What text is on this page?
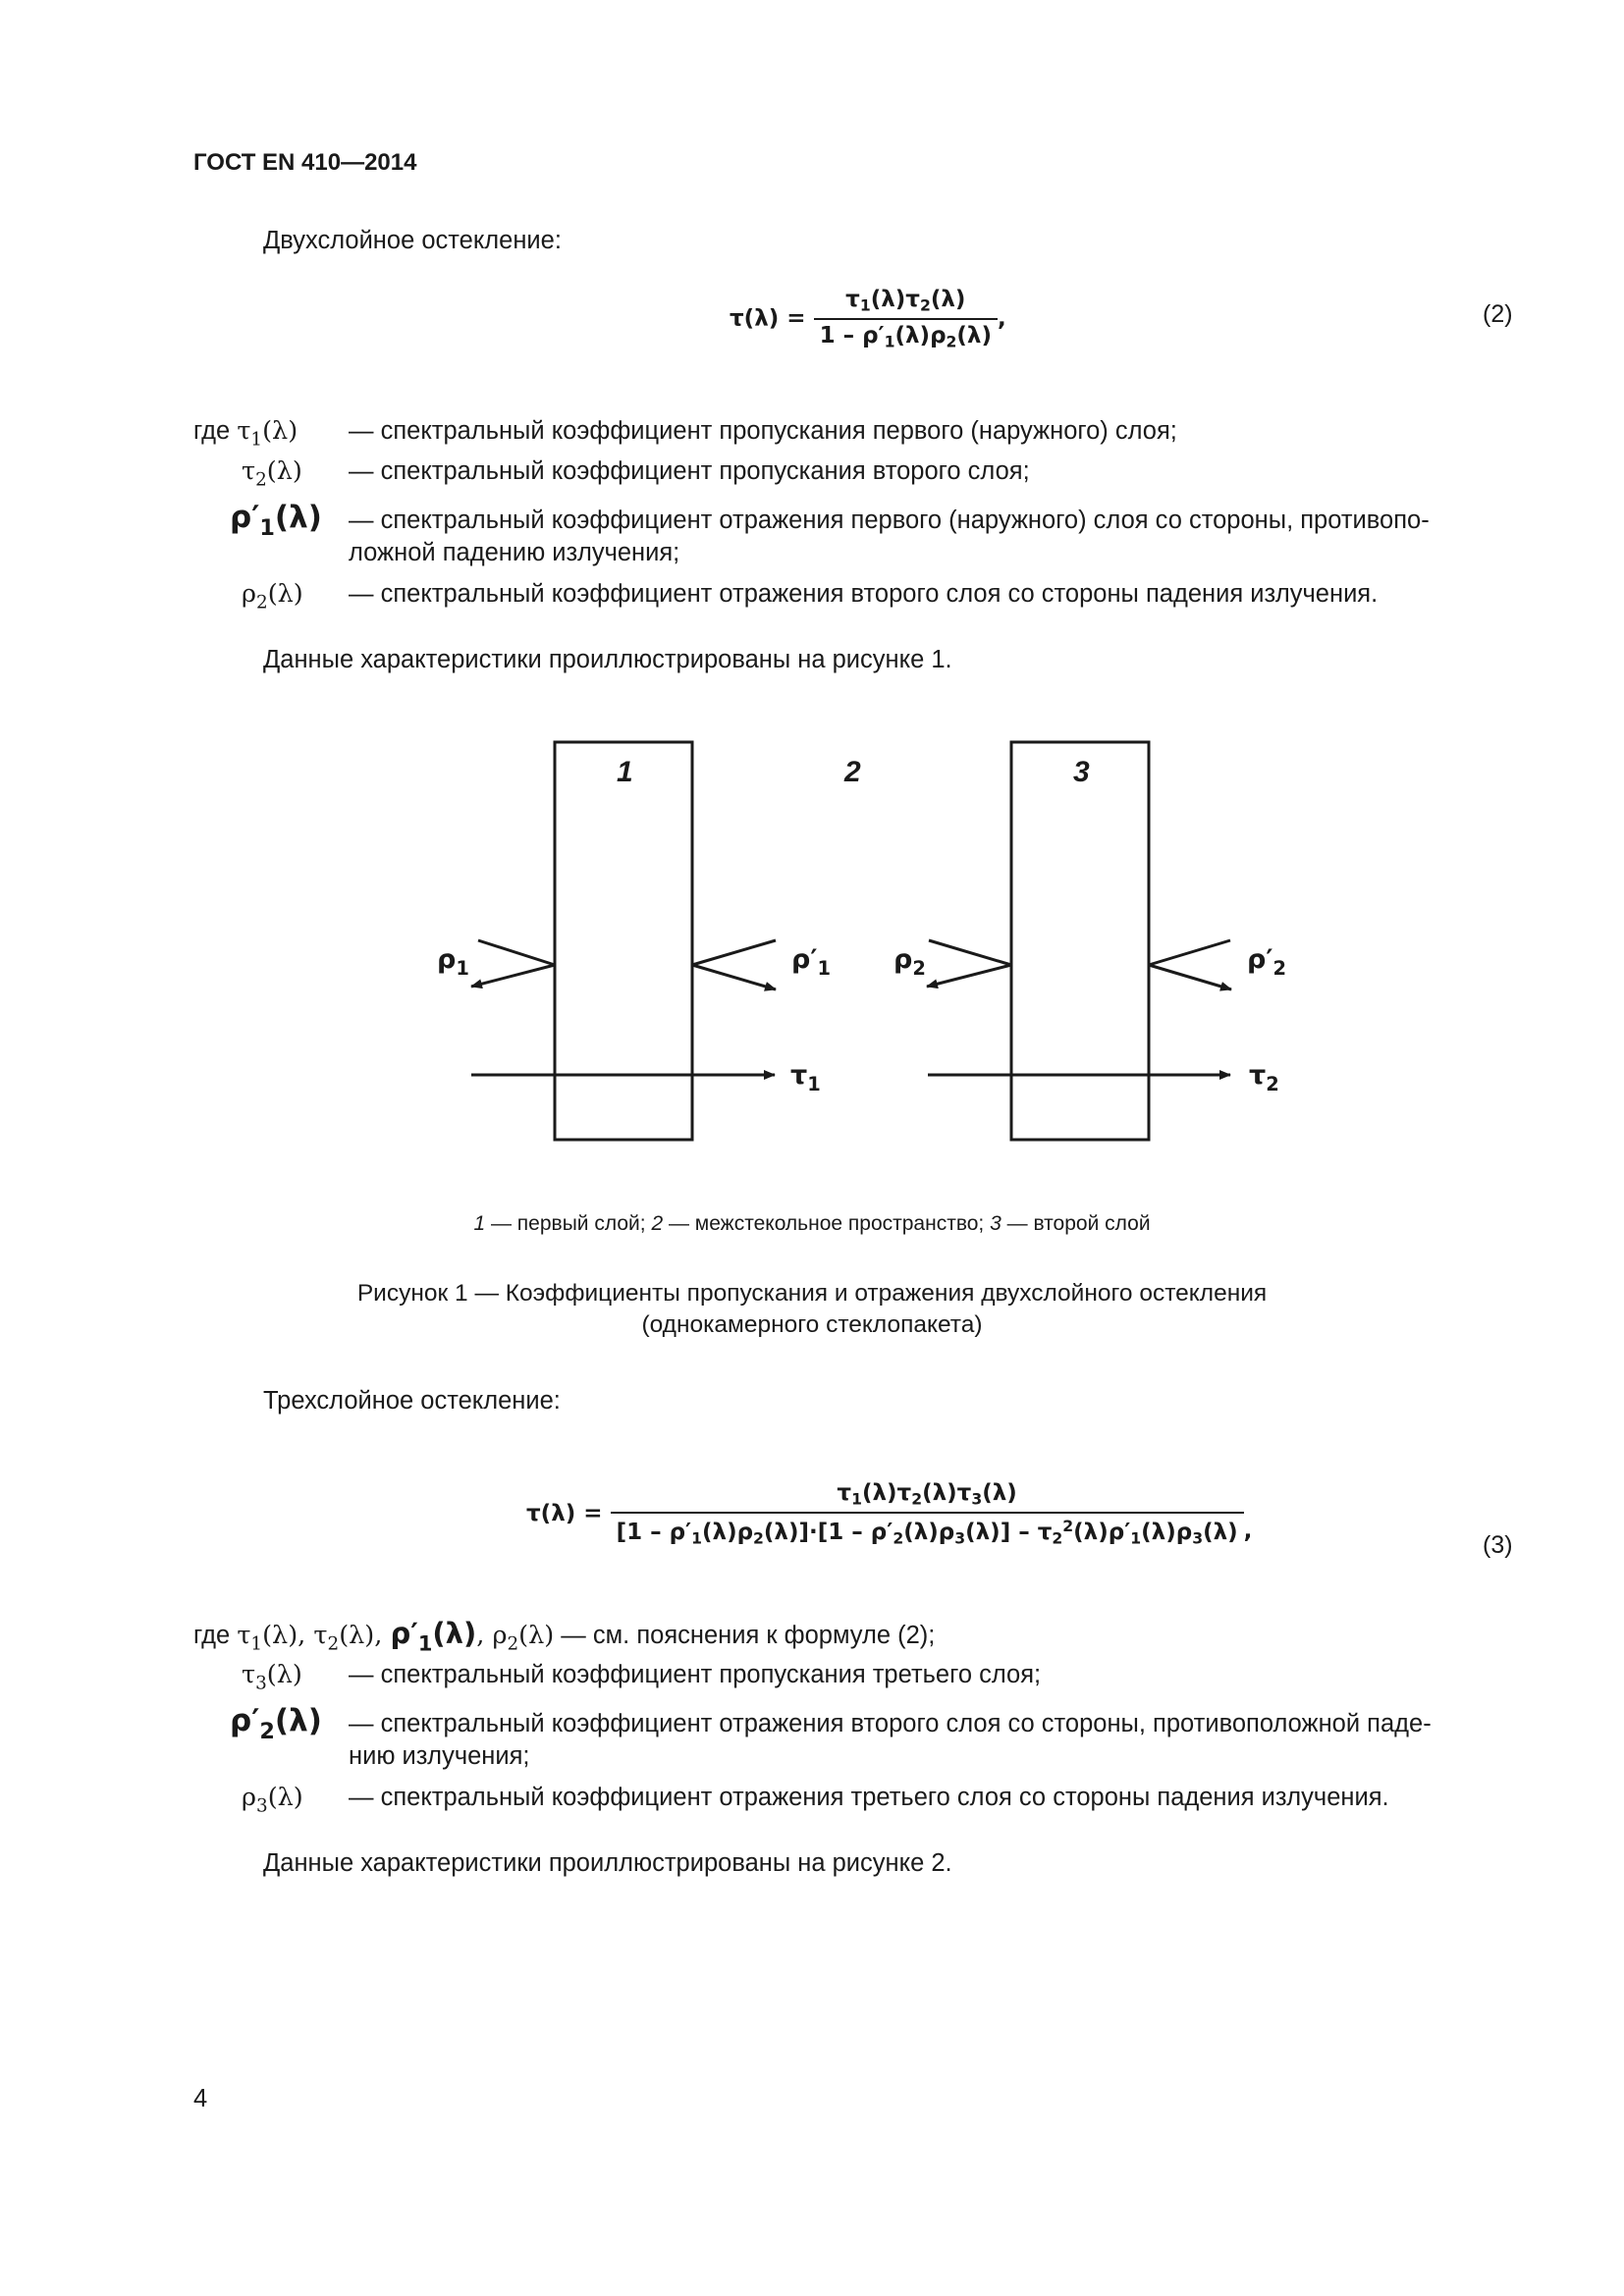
ГОСТ EN 410—2014
Двухслойное остекление:
$\tau(\lambda) = \frac{\tau_1(\lambda)\tau_2(\lambda)}{1 - \rho'_1(\lambda)\rho_2(\lambda)}$ ,	(2)
где $\tau_1(\lambda)$ — спектральный коэффициент пропускания первого (наружного) слоя;
$\tau_2(\lambda)$ — спектральный коэффициент пропускания второго слоя;
$\rho'_1(\lambda)$ — спектральный коэффициент отражения первого (наружного) слоя со стороны, противопо-
ложной падению излучения;
$\rho_2(\lambda)$ — спектральный коэффициент отражения второго слоя со стороны падения излучения.
Данные характеристики проиллюстрированы на рисунке 1.
1	2	3
$\rho_1$	$\rho'_1$ $\rho_2$	$\rho'_2$
$\tau_1$	$\tau_2$
1 — первый слой; 2 — межстекольное пространство; 3 — второй слой
Рисунок 1 — Коэффициенты пропускания и отражения двухслойного остекления
(однокамерного стеклопакета)
Трехслойное остекление:
$\tau(\lambda) = \frac{\tau_1(\lambda)\tau_2(\lambda)\tau_3(\lambda)}{[1 - \rho'_1(\lambda)\rho_2(\lambda)]\cdot[1 - \rho'_2(\lambda)\rho_3(\lambda)] - \tau_2^2(\lambda)\rho'_1(\lambda)\rho_3(\lambda)}$ ,
(3)
где $\tau_1(\lambda)$, $\tau_2(\lambda)$, $\rho'_1(\lambda)$, $\rho_2(\lambda)$ — см. пояснения к формуле (2);
$\tau_3(\lambda)$ — спектральный коэффициент пропускания третьего слоя;
$\rho'_2(\lambda)$ — спектральный коэффициент отражения второго слоя со стороны, противоположной паде-
нию излучения;
$\rho_3(\lambda)$ — спектральный коэффициент отражения третьего слоя со стороны падения излучения.
Данные характеристики проиллюстрированы на рисунке 2.
4
